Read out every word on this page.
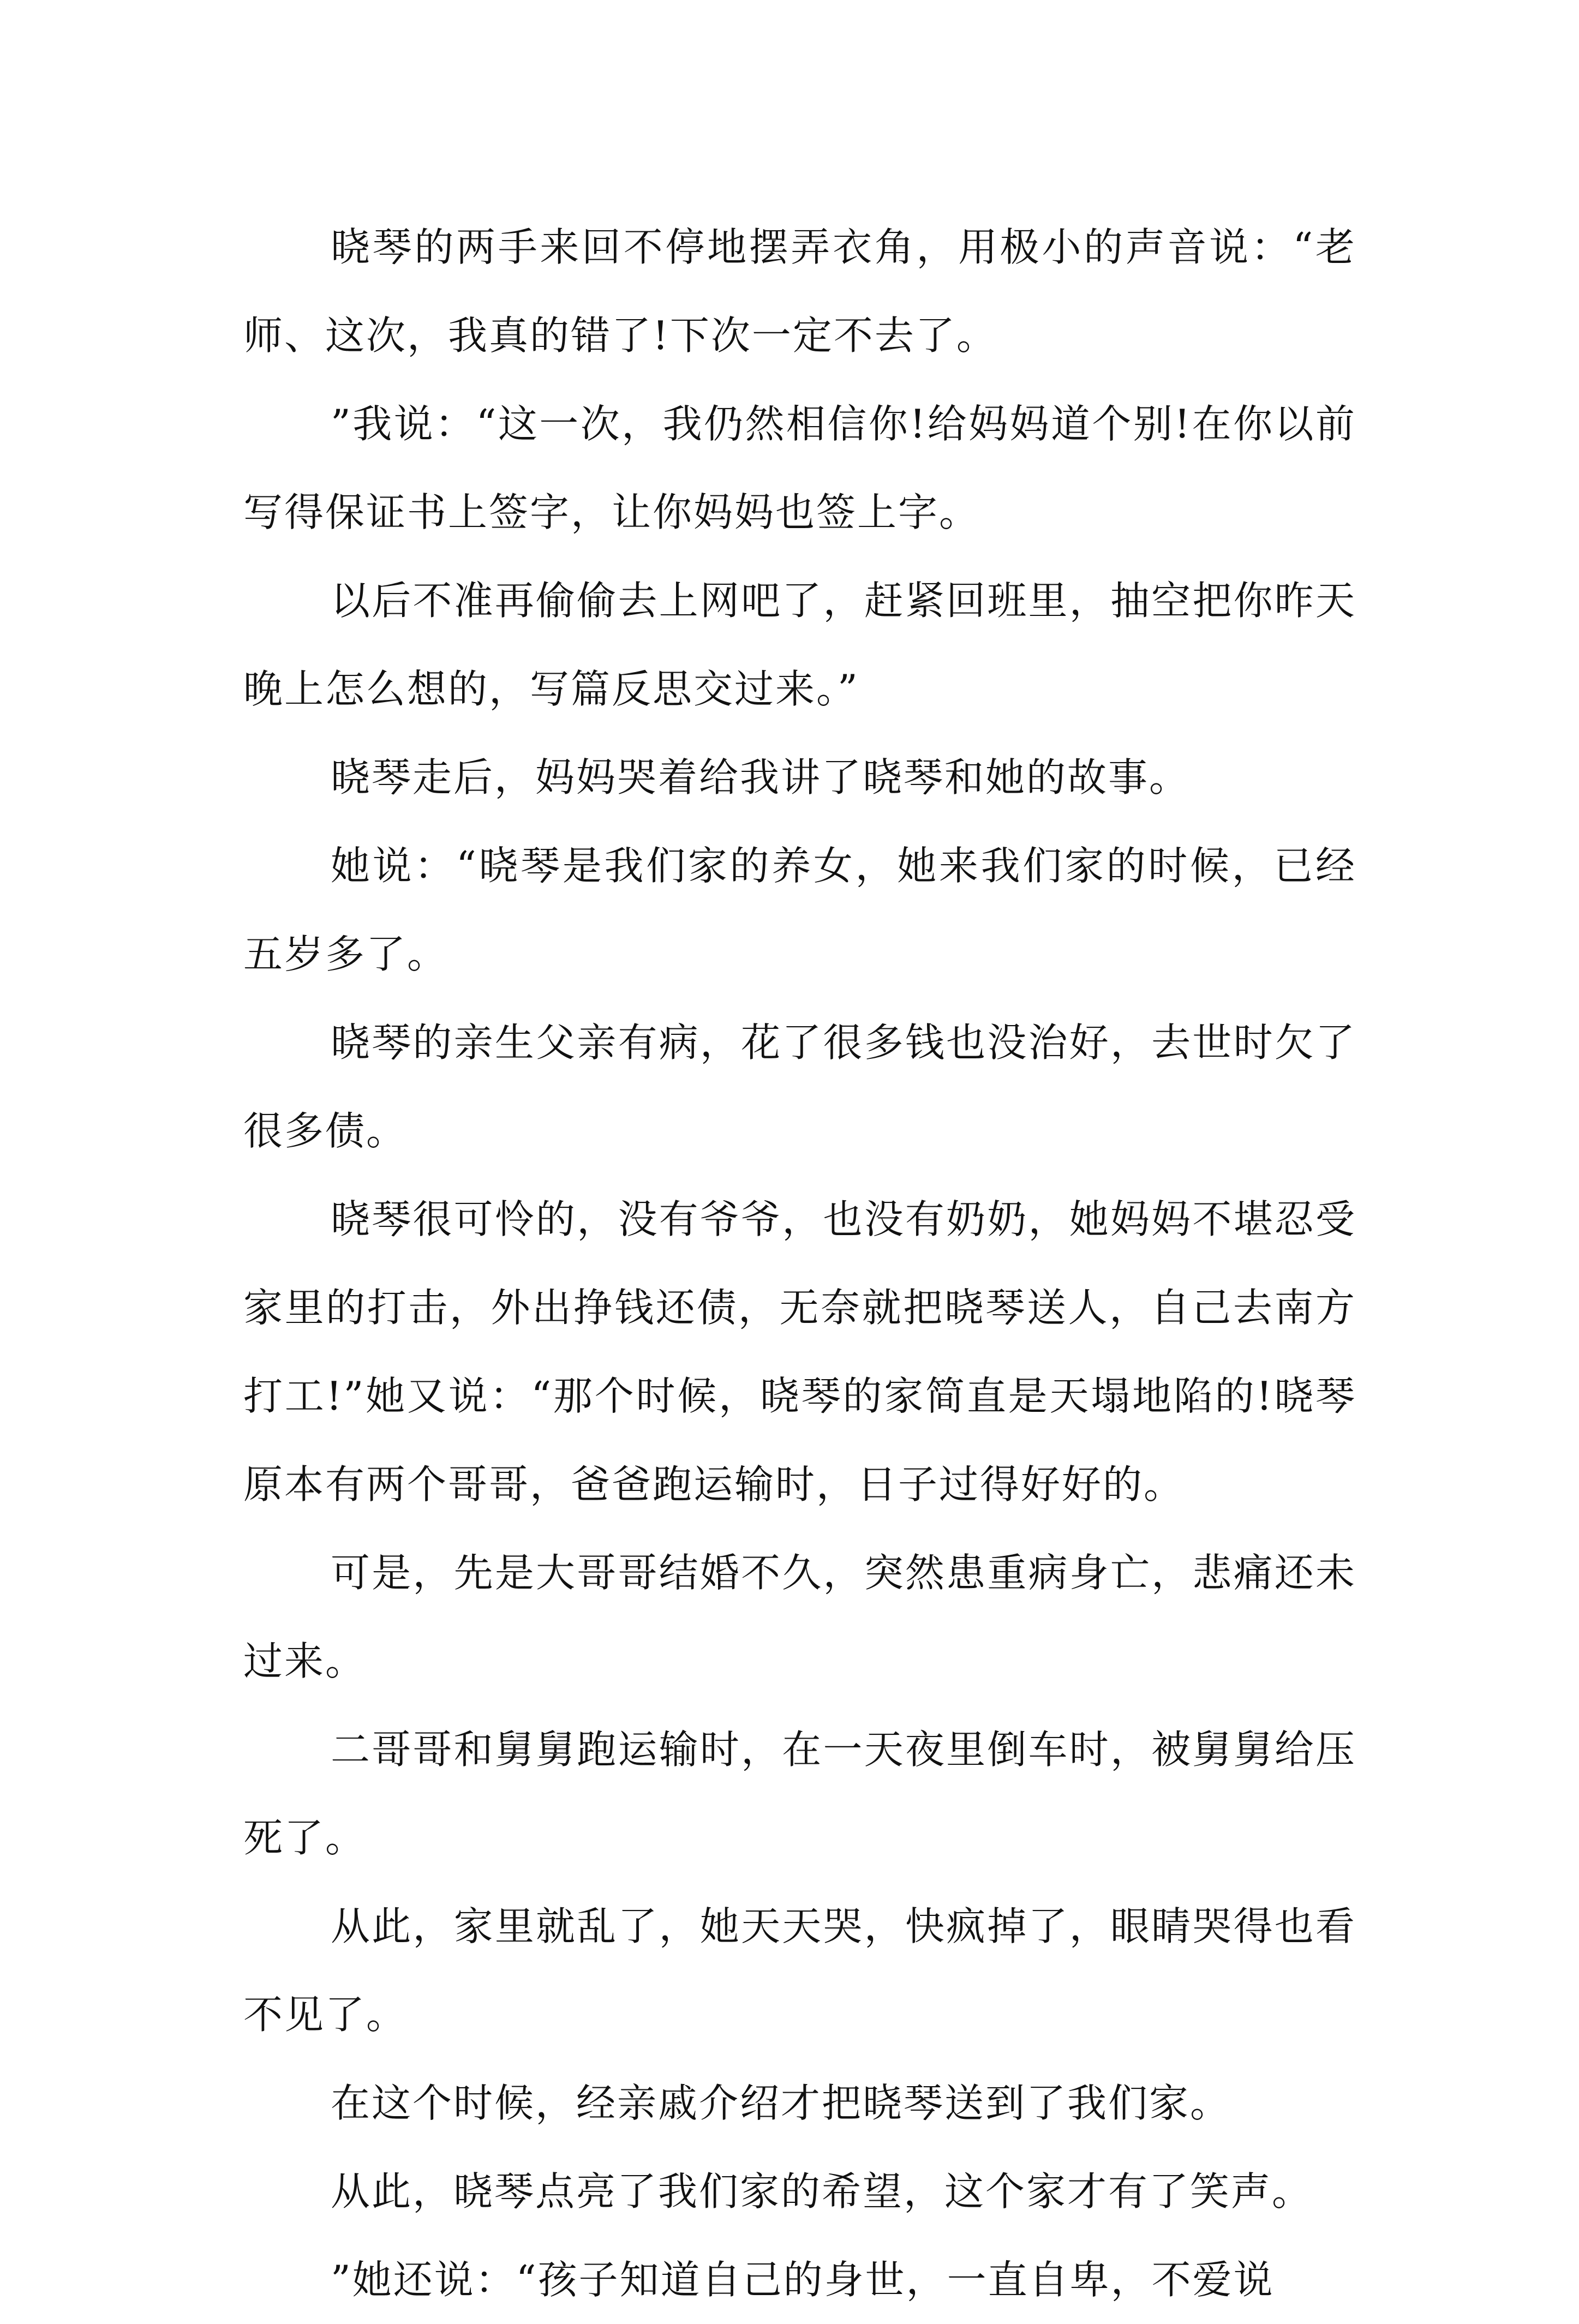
晓琴的两手来回不停地摆弄衣角，用极小的声音说：“老师、这次，我真的错了!下次一定不去了。

”我说：“这一次，我仍然相信你!给妈妈道个别!在你以前写得保证书上签字，让你妈妈也签上字。

以后不准再偷偷去上网吧了，赶紧回班里，抽空把你昨天晚上怎么想的，写篇反思交过来。”

晓琴走后，妈妈哭着给我讲了晓琴和她的故事。

她说：“晓琴是我们家的养女，她来我们家的时候，已经五岁多了。

晓琴的亲生父亲有病，花了很多钱也没治好，去世时欠了很多债。

晓琴很可怜的，没有爷爷，也没有奶奶，她妈妈不堪忍受家里的打击，外出挣钱还债，无奈就把晓琴送人，自己去南方打工!”她又说：“那个时候，晓琴的家简直是天塌地陷的!晓琴原本有两个哥哥，爸爸跑运输时，日子过得好好的。

可是，先是大哥哥结婚不久，突然患重病身亡，悲痛还未过来。

二哥哥和舅舅跑运输时，在一天夜里倒车时，被舅舅给压死了。

从此，家里就乱了，她天天哭，快疯掉了，眼睛哭得也看不见了。

在这个时候，经亲戚介绍才把晓琴送到了我们家。

从此，晓琴点亮了我们家的希望，这个家才有了笑声。

”她还说：“孩子知道自己的身世，一直自卑，不爱说
